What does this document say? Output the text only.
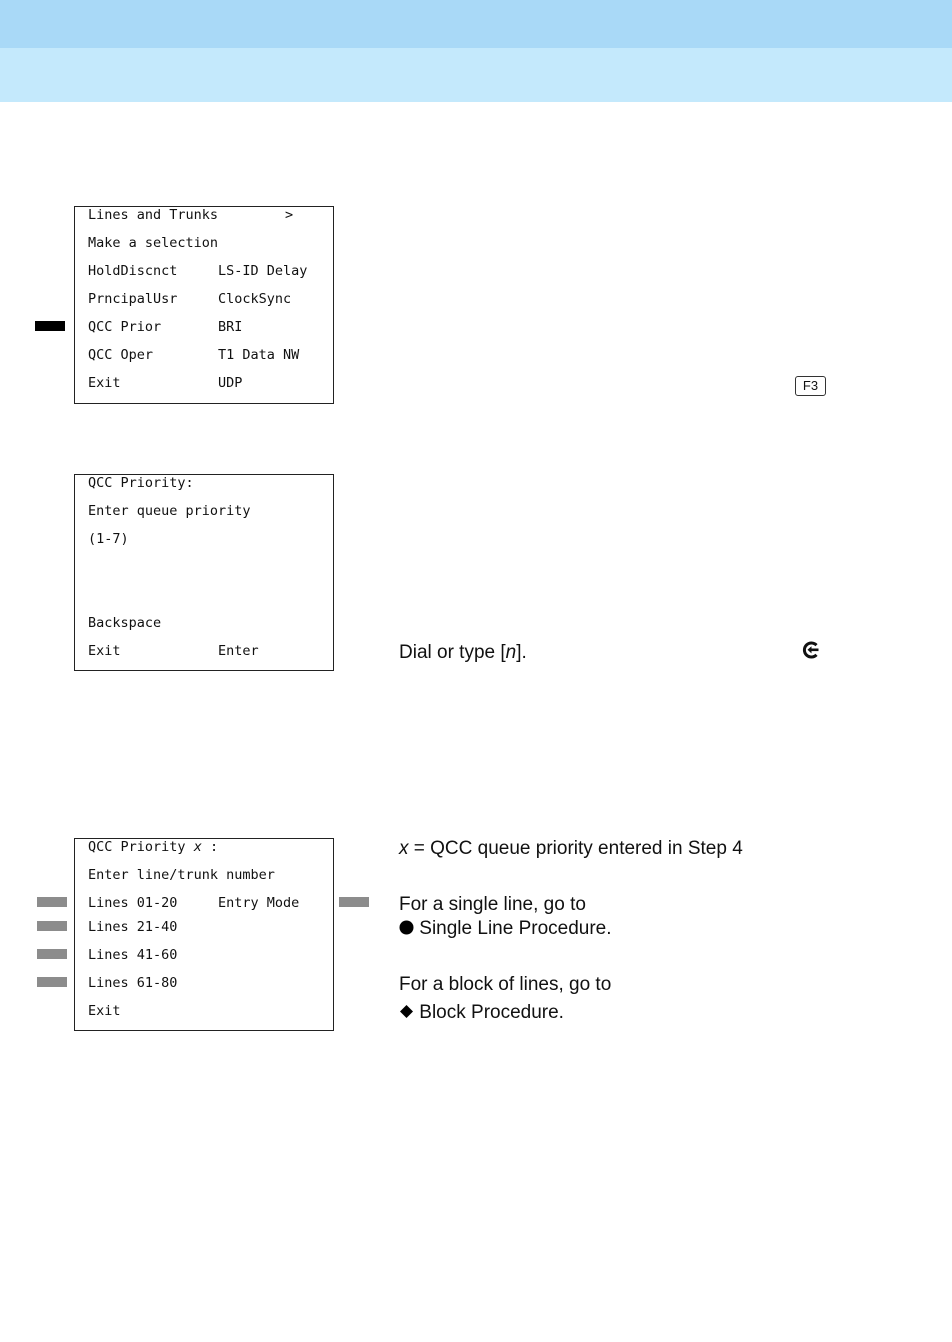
Lines and Trunks	>
Make a selection
HoldDiscnct	LS-ID Delay
PrncipalUsr	ClockSync
QCC Prior	BRI
QCC Oper	T1 Data NW
Exit	UDP	F3
QCC Priority:
Enter queue priority
(1-7)
Backspace
Exit	Enter	Dial or type [n].
QCC Priority x :
Enter line/trunk number
Lines 01-20	Entry Mode
Lines 21-40
Lines 41-60
Lines 61-80
Exit
x = QCC queue priority entered in Step 4
For a single line, go to
Single Line Procedure.
For a block of lines, go to
Block Procedure.
